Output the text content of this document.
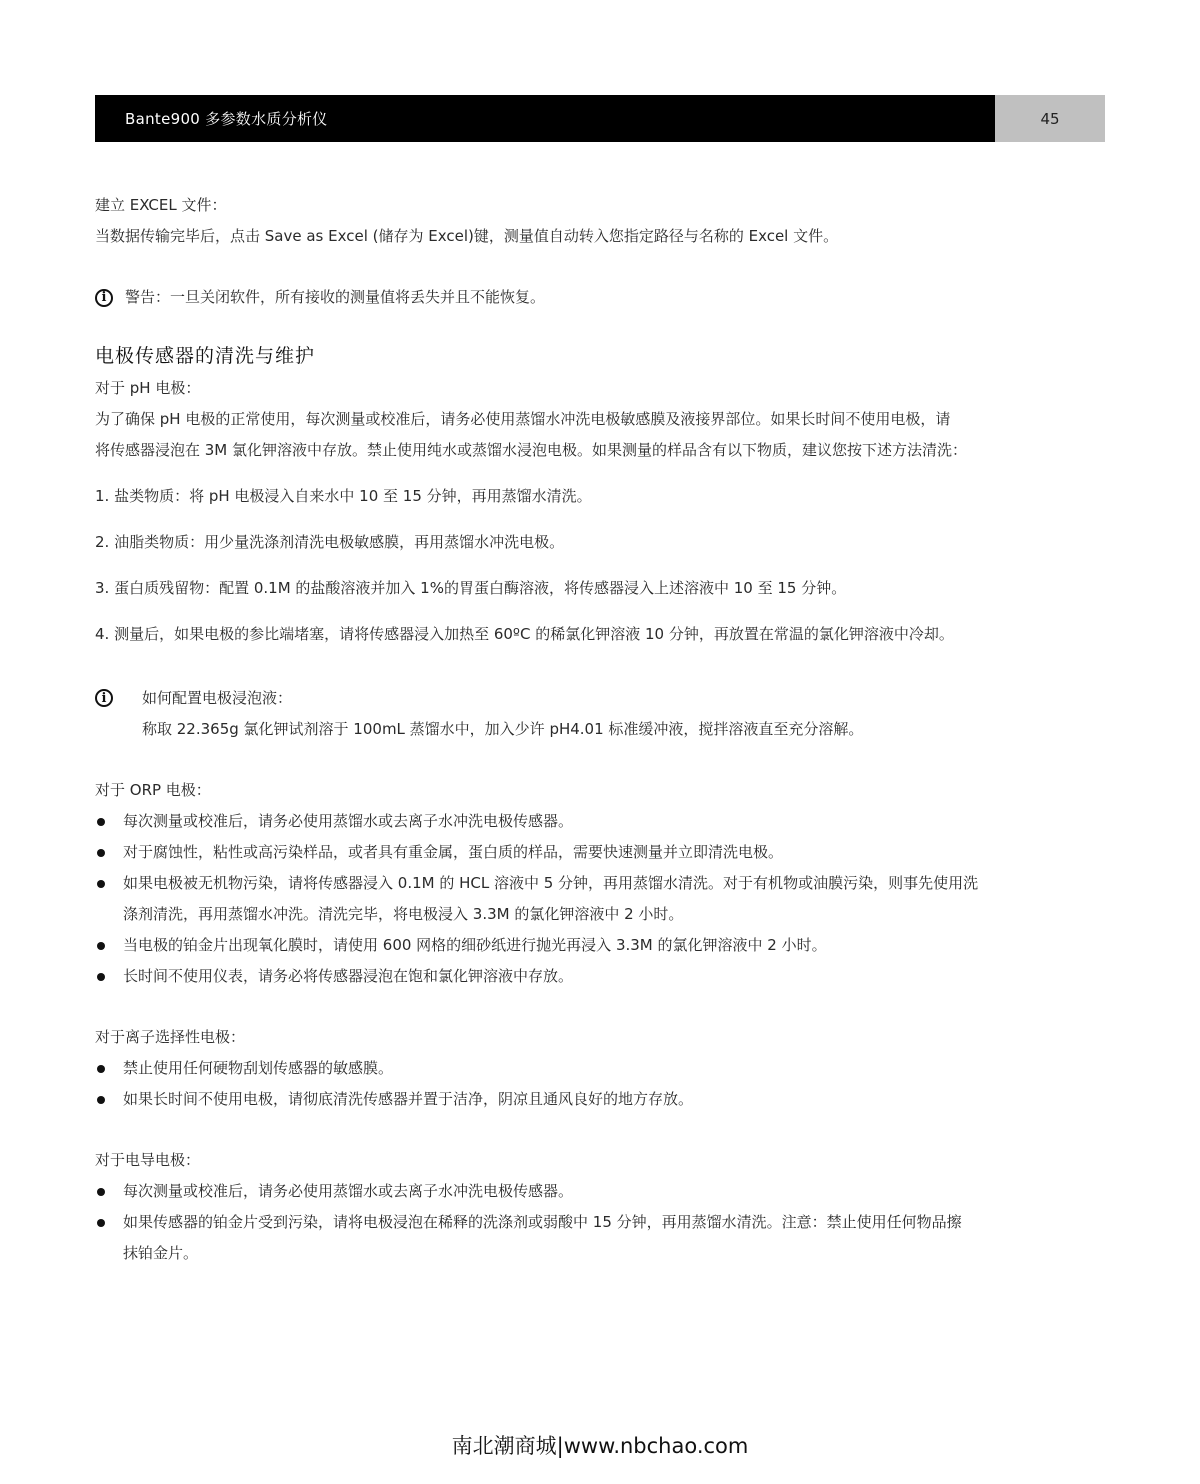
Bante900 多参数水质分析仪	45

建立 EXCEL 文件：

当数据传输完毕后，点击 Save as Excel (储存为 Excel)键，测量值自动转入您指定路径与名称的 Excel 文件。

i	警告：一旦关闭软件，所有接收的测量值将丢失并且不能恢复。
电极传感器的清洗与维护

对于 pH 电极：

为了确保 pH 电极的正常使用，每次测量或校准后，请务必使用蒸馏水冲洗电极敏感膜及液接界部位。如果长时间不使用电极，请

将传感器浸泡在 3M 氯化钾溶液中存放。禁止使用纯水或蒸馏水浸泡电极。如果测量的样品含有以下物质，建议您按下述方法清洗：

1. 盐类物质：将 pH 电极浸入自来水中 10 至 15 分钟，再用蒸馏水清洗。

2. 油脂类物质：用少量洗涤剂清洗电极敏感膜，再用蒸馏水冲洗电极。

3. 蛋白质残留物：配置 0.1M 的盐酸溶液并加入 1%的胃蛋白酶溶液，将传感器浸入上述溶液中 10 至 15 分钟。

4. 测量后，如果电极的参比端堵塞，请将传感器浸入加热至 60ºC 的稀氯化钾溶液 10 分钟，再放置在常温的氯化钾溶液中冷却。

i	如何配置电极浸泡液：
称取 22.365g 氯化钾试剂溶于 100mL 蒸馏水中，加入少许 pH4.01 标准缓冲液，搅拌溶液直至充分溶解。

对于 ORP 电极：

每次测量或校准后，请务必使用蒸馏水或去离子水冲洗电极传感器。
对于腐蚀性，粘性或高污染样品，或者具有重金属，蛋白质的样品，需要快速测量并立即清洗电极。
如果电极被无机物污染，请将传感器浸入 0.1M 的 HCL 溶液中 5 分钟，再用蒸馏水清洗。对于有机物或油膜污染，则事先使用洗
涤剂清洗，再用蒸馏水冲洗。清洗完毕，将电极浸入 3.3M 的氯化钾溶液中 2 小时。
当电极的铂金片出现氧化膜时，请使用 600 网格的细砂纸进行抛光再浸入 3.3M 的氯化钾溶液中 2 小时。
长时间不使用仪表，请务必将传感器浸泡在饱和氯化钾溶液中存放。

对于离子选择性电极：

禁止使用任何硬物刮划传感器的敏感膜。
如果长时间不使用电极，请彻底清洗传感器并置于洁净，阴凉且通风良好的地方存放。

对于电导电极：

每次测量或校准后，请务必使用蒸馏水或去离子水冲洗电极传感器。
如果传感器的铂金片受到污染，请将电极浸泡在稀释的洗涤剂或弱酸中 15 分钟，再用蒸馏水清洗。注意：禁止使用任何物品擦
抹铂金片。
南北潮商城|www.nbchao.com
